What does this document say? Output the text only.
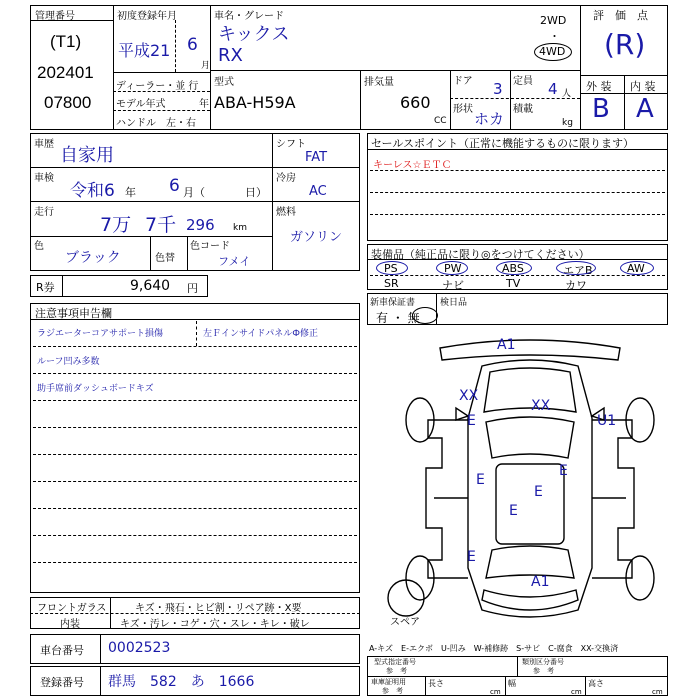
管理番号
(T1)
202401
07800
初度登録年月
平成21 6
月
ディーラー・並 行
モデル年式	年
ハンドル　左・右
車名・グレード
キックス
RX
2WD
・
4WD
型式
ABA-H59A
排気量
660
CC
ドア 3 定員 4 人
形状
ホカ
積載
kg
評　価　点
(R)
外 装 内 装
B A
車歴
自家用
車検
令和6 年 6 月（	日）
走行
7万 7千 296 km
色
ブラック	色替
色コード
フメイ
シフト
FAT
冷房
AC
燃料
ガソリン
R券	9,640 円
セールスポイント（正常に機能するものに限ります）
キーレス☆ＥＴＣ
装備品（純正品に限り◎をつけてください）
PS	PW	ABS	エアB	AW
SR	ナビ	TV	カワ
新車保証書
有 ・ 無
検日品
注意事項申告欄
ラジエーターコアサポート損傷	左ＦインサイドパネルФ修正
ルーフ凹み多数
助手席前ダッシュボードキズ
フロントガラス	キズ・飛石・ヒビ割・リペア跡・X要
内装	キズ・汚レ・コゲ・穴・スレ・キレ・破レ
車台番号 0002523
登録番号 群馬　582　あ　1666
A-キズ　E-エクボ　U-凹み　W-補修跡　S-サビ　C-腐食　XX-交換済
型式指定番号
参　考
類別区分番号
参　考
車庫証明用
参　考
長さ
cm
幅
cm
高さ
cm
A1
XX
XX
E	U1
E
E
E
E
E
A1
スペア
